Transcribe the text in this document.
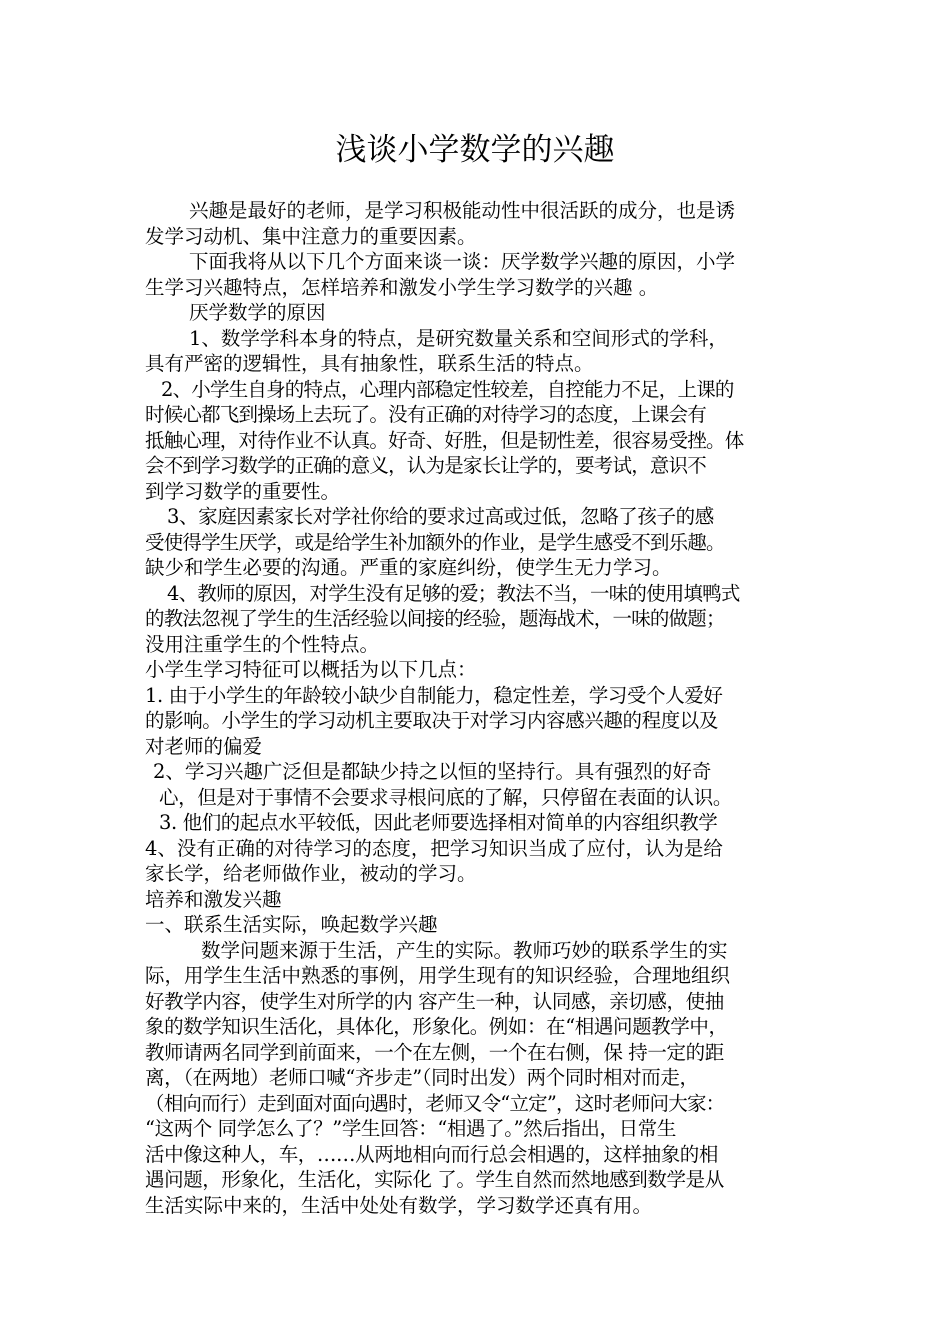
浅谈小学数学的兴趣
兴趣是最好的老师，是学习积极能动性中很活跃的成分，也是诱
发学习动机、集中注意力的重要因素。
下面我将从以下几个方面来谈一谈：厌学数学兴趣的原因，小学
生学习兴趣特点，怎样培养和激发小学生学习数学的兴趣 。
厌学数学的原因
1、数学学科本身的特点，是研究数量关系和空间形式的学科，
具有严密的逻辑性，具有抽象性，联系生活的特点。
2、小学生自身的特点，心理内部稳定性较差，自控能力不足，上课的
时候心都飞到操场上去玩了。没有正确的对待学习的态度，上课会有
抵触心理，对待作业不认真。好奇、好胜，但是韧性差，很容易受挫。体
会不到学习数学的正确的意义，认为是家长让学的，要考试，意识不
到学习数学的重要性。
3、家庭因素家长对学社你给的要求过高或过低，忽略了孩子的感
受使得学生厌学，或是给学生补加额外的作业，是学生感受不到乐趣。
缺少和学生必要的沟通。严重的家庭纠纷，使学生无力学习。
4、教师的原因，对学生没有足够的爱；教法不当，一味的使用填鸭式
的教法忽视了学生的生活经验以间接的经验，题海战术，一味的做题；
没用注重学生的个性特点。
小学生学习特征可以概括为以下几点：
1. 由于小学生的年龄较小缺少自制能力，稳定性差，学习受个人爱好
的影响。小学生的学习动机主要取决于对学习内容感兴趣的程度以及
对老师的偏爱
2、学习兴趣广泛但是都缺少持之以恒的坚持行。具有强烈的好奇
心，但是对于事情不会要求寻根问底的了解，只停留在表面的认识。
3. 他们的起点水平较低，因此老师要选择相对简单的内容组织教学
4、没有正确的对待学习的态度，把学习知识当成了应付，认为是给
家长学，给老师做作业，被动的学习。
培养和激发兴趣
一、联系生活实际，唤起数学兴趣
数学问题来源于生活，产生的实际。教师巧妙的联系学生的实
际，用学生生活中熟悉的事例，用学生现有的知识经验，合理地组织
好教学内容，使学生对所学的内 容产生一种，认同感，亲切感，使抽
象的数学知识生活化，具体化，形象化。例如：在“相遇问题教学中，
教师请两名同学到前面来，一个在左侧，一个在右侧，保 持一定的距
离，（在两地）老师口喊“齐步走”（同时出发）两个同时相对而走，
（相向而行）走到面对面向遇时，老师又令“立定”，这时老师问大家：
“这两个 同学怎么了？”学生回答：“相遇了。”然后指出，日常生
活中像这种人，车，……从两地相向而行总会相遇的，这样抽象的相
遇问题，形象化，生活化，实际化 了。学生自然而然地感到数学是从
生活实际中来的，生活中处处有数学，学习数学还真有用。
